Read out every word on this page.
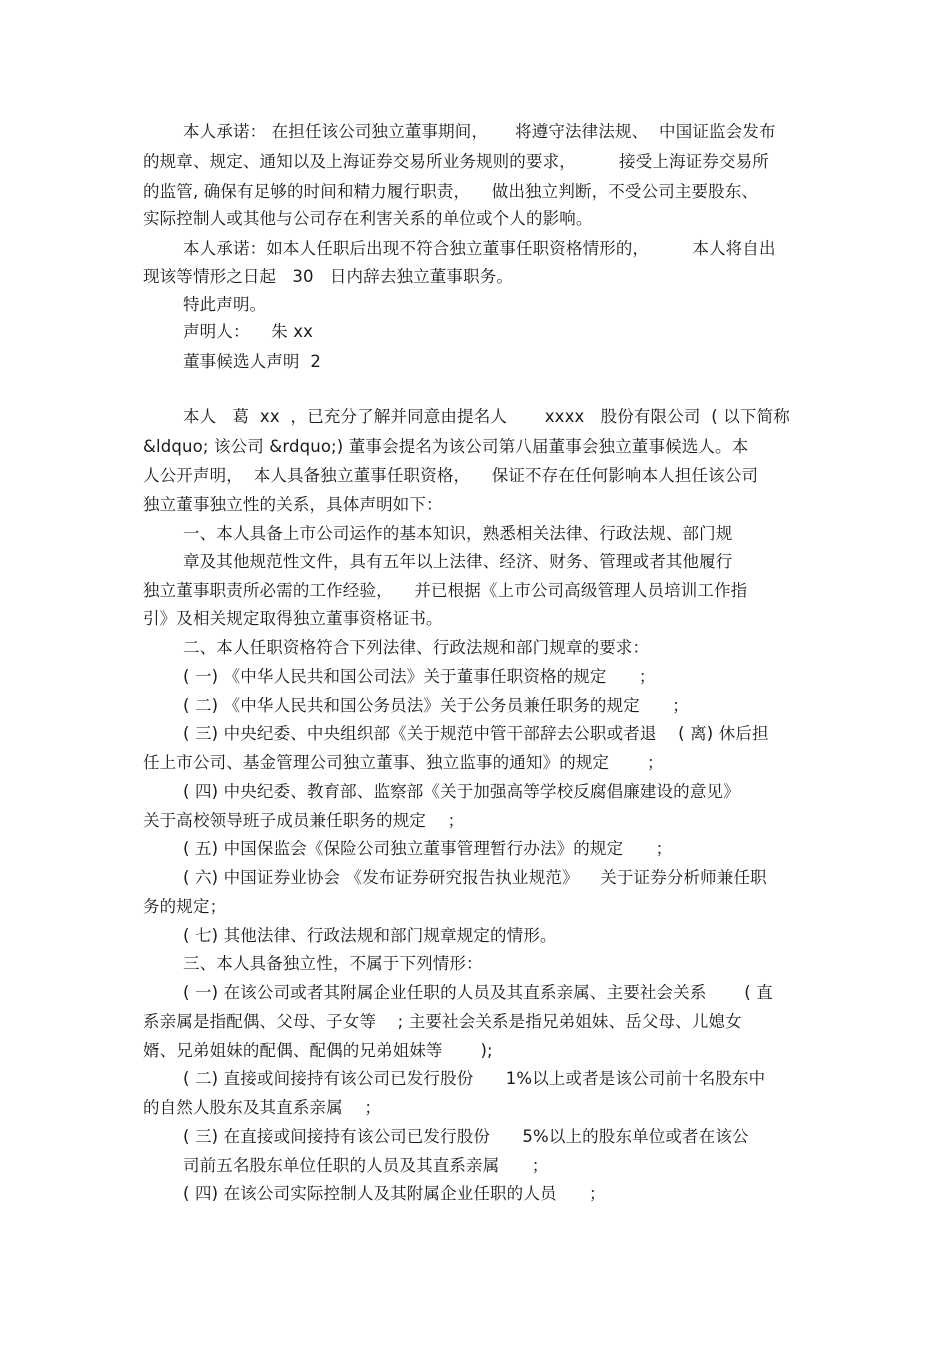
本人承诺： 在担任该公司独立董事期间，     将遵守法律法规、  中国证监会发布
的规章、规定、通知以及上海证券交易所业务规则的要求，        接受上海证券交易所
的监管, 确保有足够的时间和精力履行职责，    做出独立判断，不受公司主要股东、
实际控制人或其他与公司存在利害关系的单位或个人的影响。
本人承诺：如本人任职后出现不符合独立董事任职资格情形的，        本人将自出
现该等情形之日起   30   日内辞去独立董事职务。
特此声明。
声明人：    朱 xx
董事候选人声明  2
本人   葛  xx  ，已充分了解并同意由提名人       xxxx   股份有限公司  ( 以下简称
&ldquo; 该公司 &rdquo;) 董事会提名为该公司第八届董事会独立董事候选人。本
人公开声明，  本人具备独立董事任职资格，    保证不存在任何影响本人担任该公司
独立董事独立性的关系，具体声明如下：
一、本人具备上市公司运作的基本知识，熟悉相关法律、行政法规、部门规
章及其他规范性文件，具有五年以上法律、经济、财务、管理或者其他履行
独立董事职责所必需的工作经验，    并已根据《上市公司高级管理人员培训工作指
引》及相关规定取得独立董事资格证书。
二、本人任职资格符合下列法律、行政法规和部门规章的要求：
( 一) 《中华人民共和国公司法》关于董事任职资格的规定      ；
( 二) 《中华人民共和国公务员法》关于公务员兼任职务的规定      ；
( 三) 中央纪委、中央组织部《关于规范中管干部辞去公职或者退    ( 离) 休后担
任上市公司、基金管理公司独立董事、独立监事的通知》的规定       ；
( 四) 中央纪委、教育部、监察部《关于加强高等学校反腐倡廉建设的意见》
关于高校领导班子成员兼任职务的规定    ；
( 五) 中国保监会《保险公司独立董事管理暂行办法》的规定      ；
( 六) 中国证券业协会 《发布证券研究报告执业规范》    关于证券分析师兼任职
务的规定；
( 七) 其他法律、行政法规和部门规章规定的情形。
三、本人具备独立性，不属于下列情形：
( 一) 在该公司或者其附属企业任职的人员及其直系亲属、主要社会关系       ( 直
系亲属是指配偶、父母、子女等    ; 主要社会关系是指兄弟姐妹、岳父母、儿媳女
婿、兄弟姐妹的配偶、配偶的兄弟姐妹等       );
( 二) 直接或间接持有该公司已发行股份      1%以上或者是该公司前十名股东中
的自然人股东及其直系亲属    ；
( 三) 在直接或间接持有该公司已发行股份      5%以上的股东单位或者在该公
司前五名股东单位任职的人员及其直系亲属      ；
( 四) 在该公司实际控制人及其附属企业任职的人员      ；
